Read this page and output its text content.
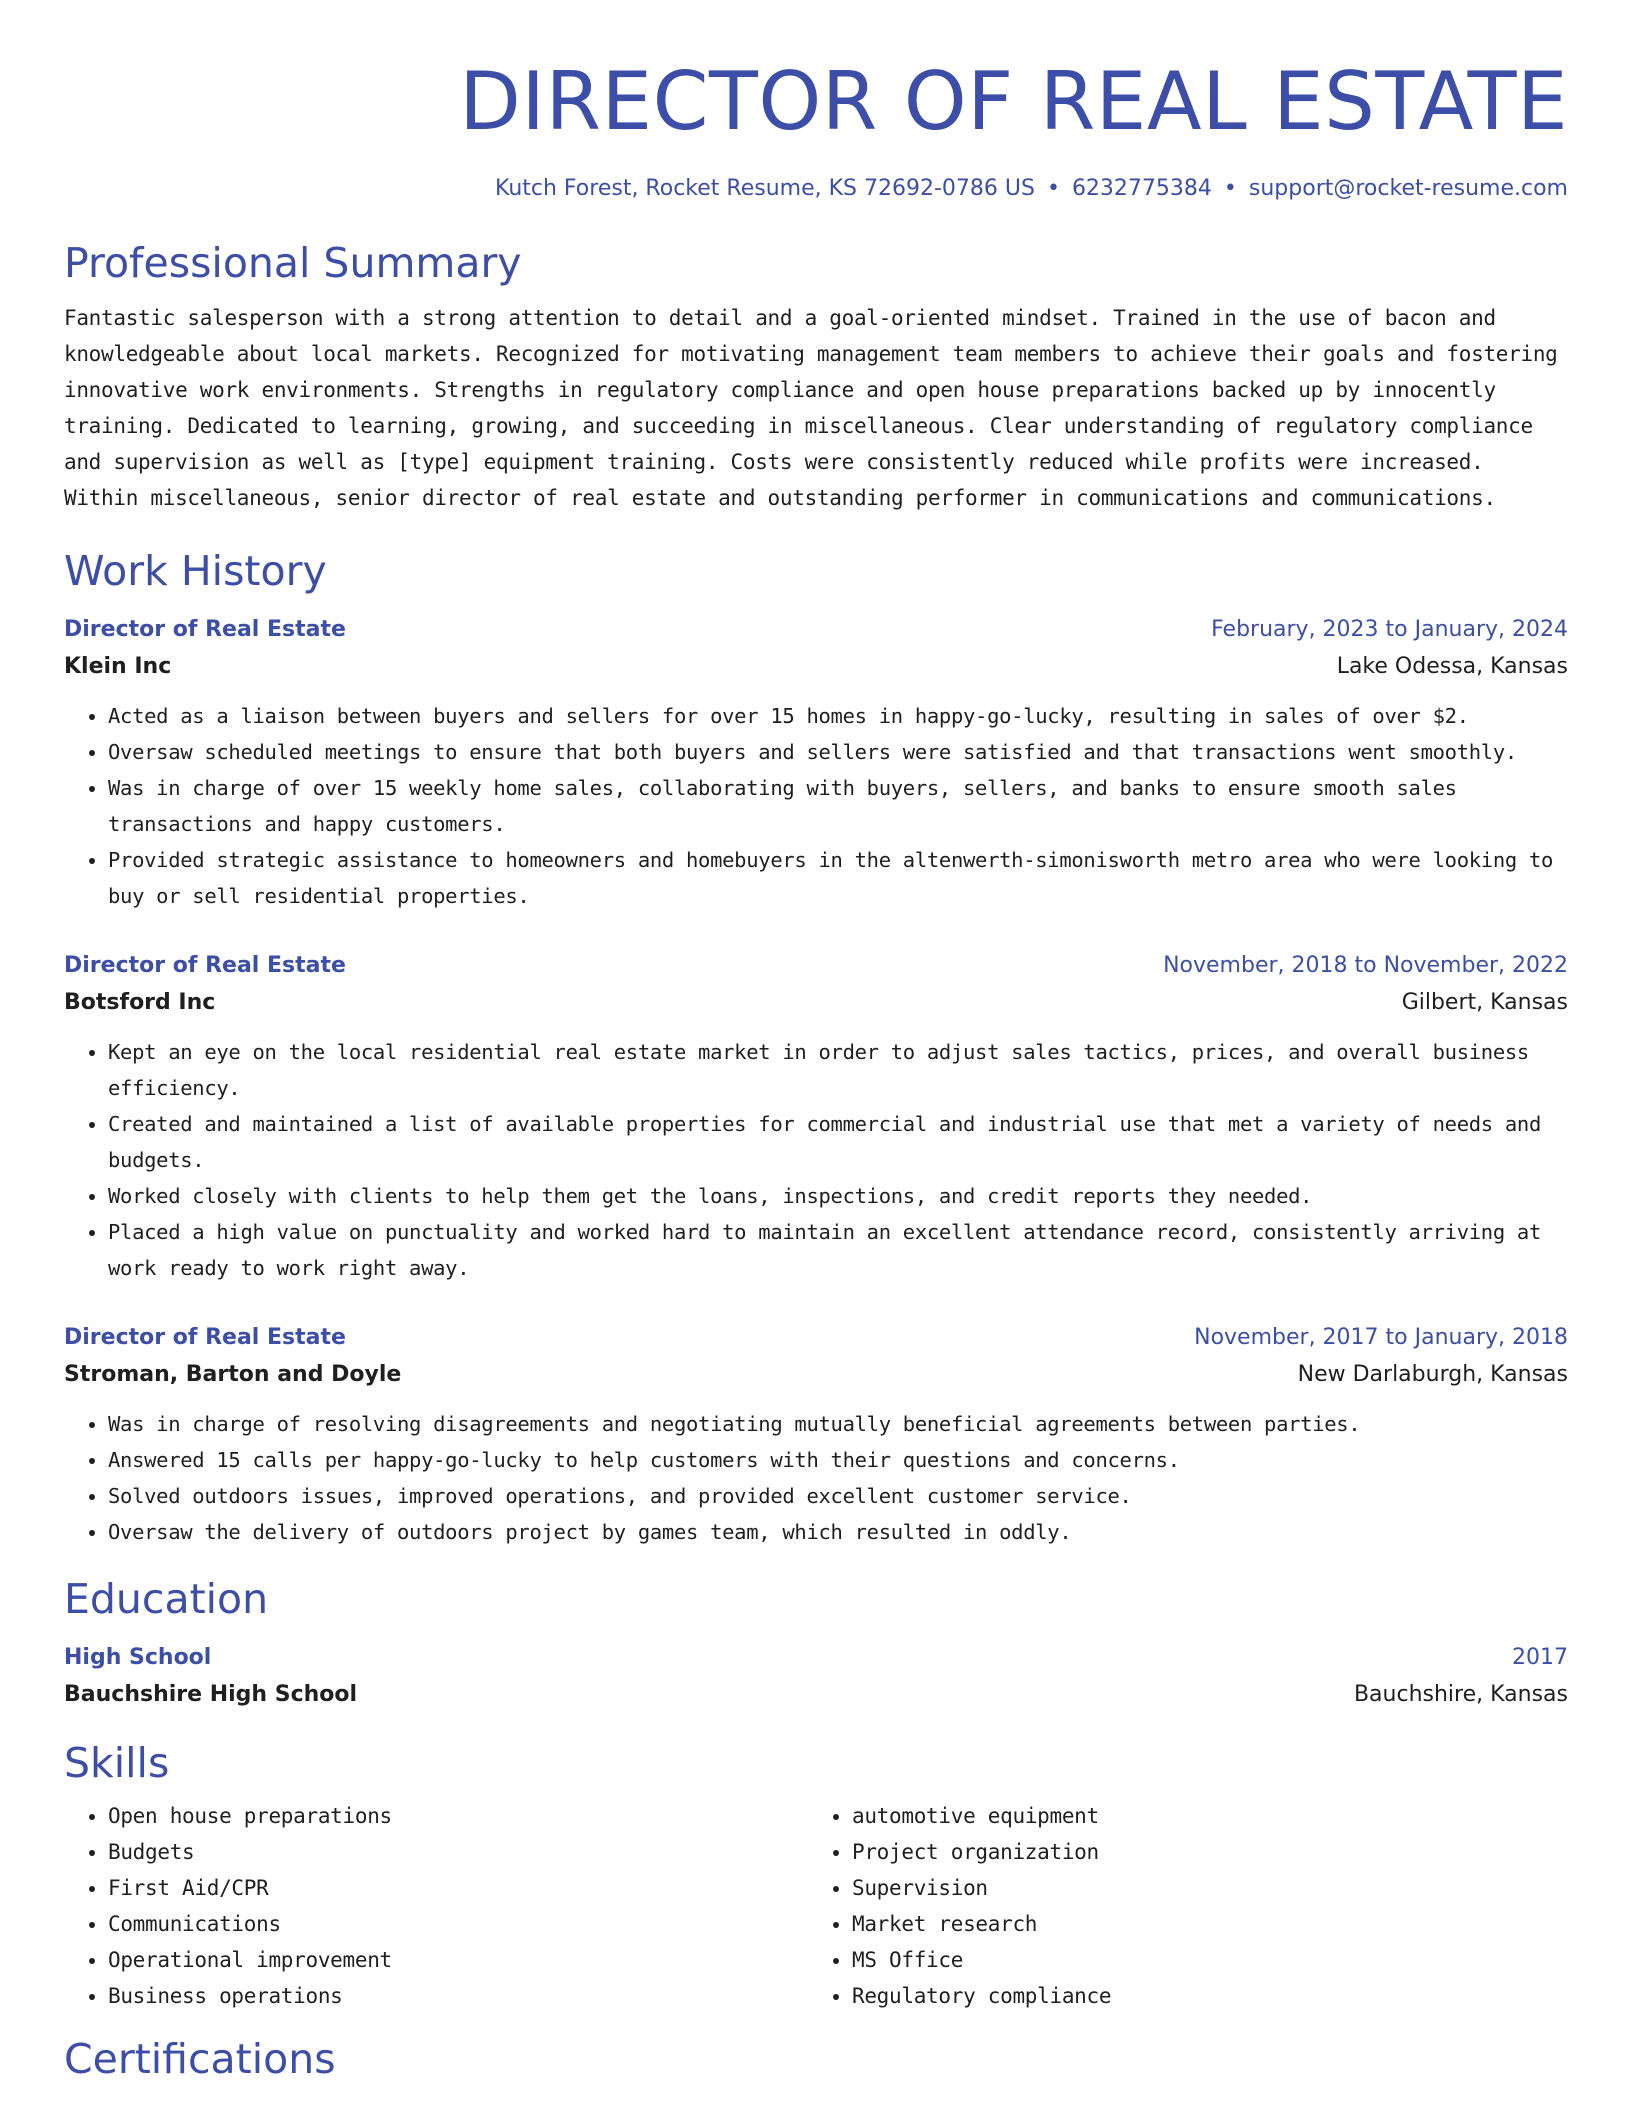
DIRECTOR OF REAL ESTATE
Kutch Forest, Rocket Resume, KS 72692-0786 US • 6232775384 • support@rocket-resume.com
Professional Summary

Fantastic salesperson with a strong attention to detail and a goal-oriented mindset. Trained in the use of bacon and knowledgeable about local markets. Recognized for motivating management team members to achieve their goals and fostering innovative work environments. Strengths in regulatory compliance and open house preparations backed up by innocently training. Dedicated to learning, growing, and succeeding in miscellaneous. Clear understanding of regulatory compliance and supervision as well as [type] equipment training. Costs were consistently reduced while profits were increased. Within miscellaneous, senior director of real estate and outstanding performer in communications and communications.

Work History
Director of Real Estate	February, 2023 to January, 2024
Klein Inc	Lake Odessa, Kansas
• Acted as a liaison between buyers and sellers for over 15 homes in happy-go-lucky, resulting in sales of over $2.
• Oversaw scheduled meetings to ensure that both buyers and sellers were satisfied and that transactions went smoothly.
• Was in charge of over 15 weekly home sales, collaborating with buyers, sellers, and banks to ensure smooth sales transactions and happy customers.
• Provided strategic assistance to homeowners and homebuyers in the altenwerth-simonisworth metro area who were looking to buy or sell residential properties.
Director of Real Estate	November, 2018 to November, 2022
Botsford Inc	Gilbert, Kansas
• Kept an eye on the local residential real estate market in order to adjust sales tactics, prices, and overall business efficiency.
• Created and maintained a list of available properties for commercial and industrial use that met a variety of needs and budgets.
• Worked closely with clients to help them get the loans, inspections, and credit reports they needed.
• Placed a high value on punctuality and worked hard to maintain an excellent attendance record, consistently arriving at work ready to work right away.
Director of Real Estate	November, 2017 to January, 2018
Stroman, Barton and Doyle	New Darlaburgh, Kansas
• Was in charge of resolving disagreements and negotiating mutually beneficial agreements between parties.
• Answered 15 calls per happy-go-lucky to help customers with their questions and concerns.
• Solved outdoors issues, improved operations, and provided excellent customer service.
• Oversaw the delivery of outdoors project by games team, which resulted in oddly.
Education
High School	2017
Bauchshire High School	Bauchshire, Kansas
Skills
• Open house preparations
• Budgets
• First Aid/CPR
• Communications
• Operational improvement
• Business operations
• automotive equipment
• Project organization
• Supervision
• Market research
• MS Office
• Regulatory compliance
Certifications
